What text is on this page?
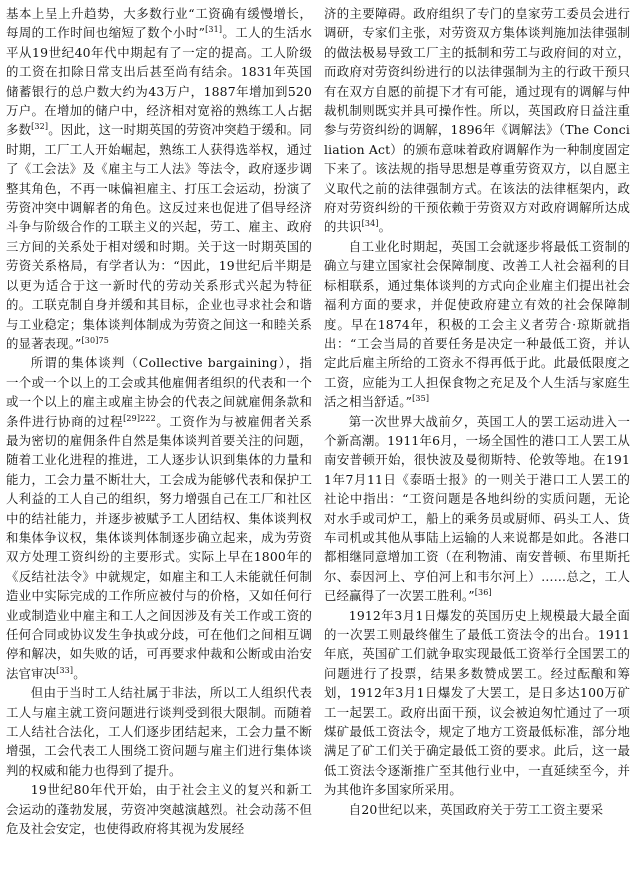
基本上呈上升趋势，大多数行业“工资确有缓慢增长，每周的工作时间也缩短了数个小时”[31]。工人的生活水平从19世纪40年代中期起有了一定的提高。工人阶级的工资在扣除日常支出后甚至尚有结余。1831年英国储蓄银行的总户数大约为43万户，1887年增加到520万户。在增加的储户中，经济相对宽裕的熟练工人占据多数[32]。因此，这一时期英国的劳资冲突趋于缓和。同时期，工厂工人开始崛起，熟练工人获得选举权，通过了《工会法》及《雇主与工人法》等法令，政府逐步调整其角色，不再一味偏袒雇主、打压工会运动，扮演了劳资冲突中调解者的角色。这反过来也促进了倡导经济斗争与阶级合作的工联主义的兴起，劳工、雇主、政府三方间的关系处于相对缓和时期。关于这一时期英国的劳资关系格局，有学者认为：“因此，19世纪后半期是以更为适合于这一新时代的劳动关系形式兴起为特征的。工联克制自身并缓和其目标，企业也寻求社会和谐与工业稳定；集体谈判体制成为劳资之间这一和睦关系的显著表现。”$^{[30]75}$

所谓的集体谈判（Collective bargaining），指一个或一个以上的工会或其他雇佣者组织的代表和一个或一个以上的雇主或雇主协会的代表之间就雇佣条款和条件进行协商的过程$^{[29]222}$。工资作为与被雇佣者关系最为密切的雇佣条件自然是集体谈判首要关注的问题，随着工业化进程的推进，工人逐步认识到集体的力量和能力，工会力量不断壮大，工会成为能够代表和保护工人利益的工人自己的组织，努力增强自己在工厂和社区中的结社能力，并逐步被赋予工人团结权、集体谈判权和集体争议权，集体谈判体制逐步确立起来，成为劳资双方处理工资纠纷的主要形式。实际上早在1800年的《反结社法令》中就规定，如雇主和工人未能就任何制造业中实际完成的工作所应被付与的价格，又如任何行业或制造业中雇主和工人之间因涉及有关工作或工资的任何合同或协议发生争执或分歧，可在他们之间相互调停和解决，如失败的话，可再要求仲裁和公断或由治安法官审决[33]。

但由于当时工人结社属于非法，所以工人组织代表工人与雇主就工资问题进行谈判受到很大限制。而随着工人结社合法化，工人们逐步团结起来，工会力量不断增强，工会代表工人围绕工资问题与雇主们进行集体谈判的权威和能力也得到了提升。

19世纪80年代开始，由于社会主义的复兴和新工会运动的蓬勃发展，劳资冲突越演越烈。社会动荡不但危及社会安定，也使得政府将其视为发展经

济的主要障碍。政府组织了专门的皇家劳工委员会进行调研，专家们主张，对劳资双方集体谈判施加法律强制的做法极易导致工厂主的抵制和劳工与政府间的对立，而政府对劳资纠纷进行的以法律强制为主的行政干预只有在双方自愿的前提下才有可能，通过现有的调解与仲裁机制则既实并具可操作性。所以，英国政府日益注重参与劳资纠纷的调解，1896年《调解法》（The Conciliation Act）的颁布意味着政府调解作为一种制度固定下来了。该法规的指导思想是尊重劳资双方，以自愿主义取代之前的法律强制方式。在该法的法律框架内，政府对劳资纠纷的干预依赖于劳资双方对政府调解所达成的共识[34]。

自工业化时期起，英国工会就逐步将最低工资制的确立与建立国家社会保障制度、改善工人社会福利的目标相联系，通过集体谈判的方式向企业雇主们提出社会福利方面的要求，并促使政府建立有效的社会保障制度。早在1874年，积极的工会主义者劳合·琼斯就指出：“工会当局的首要任务是决定一种最低工资，并认定此后雇主所给的工资永不得再低于此。此最低限度之工资，应能为工人担保食物之充足及个人生活与家庭生活之相当舒适。”[35]

第一次世界大战前夕，英国工人的罢工运动进入一个新高潮。1911年6月，一场全国性的港口工人罢工从南安普顿开始，很快波及曼彻斯特、伦敦等地。在1911年7月11日《泰晤士报》的一则关于港口工人罢工的社论中指出：“工资问题是各地纠纷的实质问题，无论对水手或司炉工，船上的乘务员或厨师、码头工人、货车司机或其他从事陆上运输的人来说都是如此。各港口都相继同意增加工资（在利物浦、南安普顿、布里斯托尔、泰因河上、亨伯河上和韦尔河上）……总之，工人已经赢得了一次罢工胜利。”[36]

1912年3月1日爆发的英国历史上规模最大最全面的一次罢工则最终催生了最低工资法令的出台。1911年底，英国矿工们就争取实现最低工资举行全国罢工的问题进行了投票，结果多数赞成罢工。经过酝酿和筹划，1912年3月1日爆发了大罢工，是日多达100万矿工一起罢工。政府出面干预，议会被迫匆忙通过了一项煤矿最低工资法令，规定了地方工资最低标准，部分地满足了矿工们关于确定最低工资的要求。此后，这一最低工资法令逐渐推广至其他行业中，一直延续至今，并为其他许多国家所采用。

自20世纪以来，英国政府关于劳工工资主要采
